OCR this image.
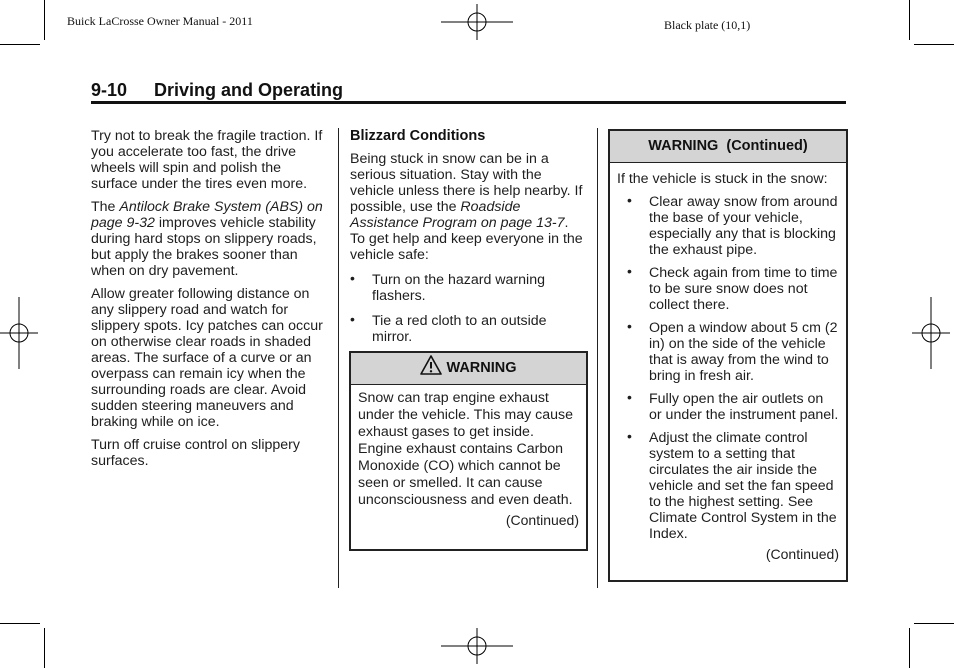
Buick LaCrosse Owner Manual - 2011	Black plate (10,1)
9-10 Driving and Operating

Try not to break the fragile traction. If you accelerate too fast, the drive wheels will spin and polish the surface under the tires even more.

The Antilock Brake System (ABS) on page 9-32 improves vehicle stability during hard stops on slippery roads, but apply the brakes sooner than when on dry pavement.

Allow greater following distance on any slippery road and watch for slippery spots. Icy patches can occur on otherwise clear roads in shaded areas. The surface of a curve or an overpass can remain icy when the surrounding roads are clear. Avoid sudden steering maneuvers and braking while on ice.

Turn off cruise control on slippery surfaces.

Blizzard Conditions

Being stuck in snow can be in a serious situation. Stay with the vehicle unless there is help nearby. If possible, use the Roadside Assistance Program on page 13-7. To get help and keep everyone in the vehicle safe:

• Turn on the hazard warning flashers.
• Tie a red cloth to an outside mirror.
WARNING
Snow can trap engine exhaust under the vehicle. This may cause exhaust gases to get inside. Engine exhaust contains Carbon Monoxide (CO) which cannot be seen or smelled. It can cause unconsciousness and even death.
(Continued)
WARNING  (Continued)
If the vehicle is stuck in the snow:
• Clear away snow from around the base of your vehicle, especially any that is blocking the exhaust pipe.
• Check again from time to time to be sure snow does not collect there.
• Open a window about 5 cm (2 in) on the side of the vehicle that is away from the wind to bring in fresh air.
• Fully open the air outlets on or under the instrument panel.
• Adjust the climate control system to a setting that circulates the air inside the vehicle and set the fan speed to the highest setting. See Climate Control System in the Index.
(Continued)
